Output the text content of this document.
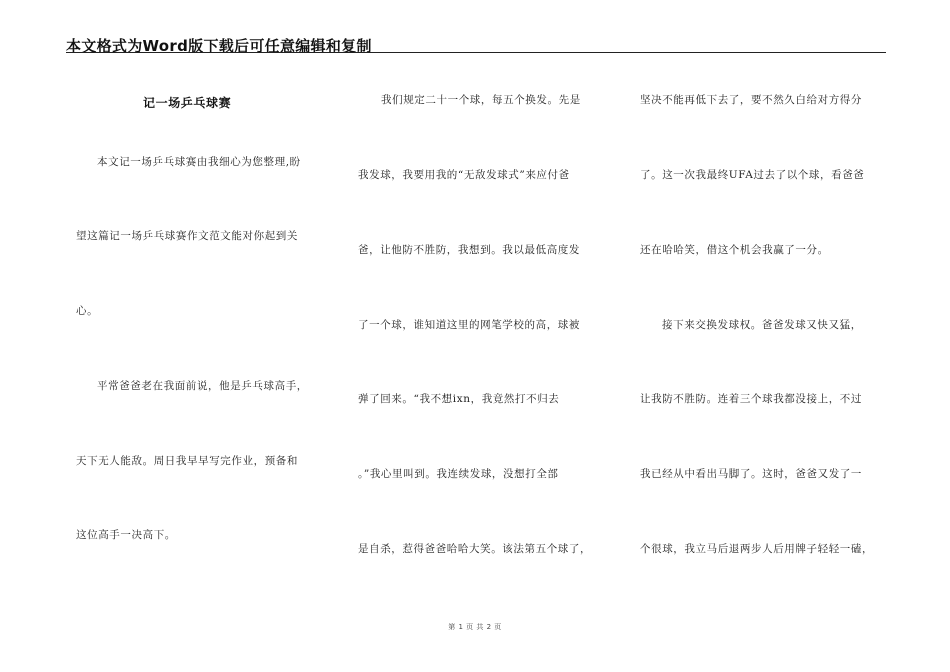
本文格式为Word版下载后可任意编辑和复制
记一场乒乓球赛
本文记一场乒乓球赛由我细心为您整理,盼
望这篇记一场乒乓球赛作文范文能对你起到关
心。
平常爸爸老在我面前说，他是乒乓球高手，
天下无人能敌。周日我早早写完作业，预备和
这位高手一决高下。
我们规定二十一个球，每五个换发。先是
我发球，我要用我的“无敌发球式”来应付爸
爸，让他防不胜防，我想到。我以最低高度发
了一个球，谁知道这里的网笔学校的高，球被
弹了回来。“我不想ixn，我竟然打不归去
。”我心里叫到。我连续发球，没想打全部
是自杀，惹得爸爸哈哈大笑。该法第五个球了，
坚决不能再低下去了，要不然久白给对方得分
了。这一次我最终UFA过去了以个球，看爸爸
还在哈哈笑，借这个机会我赢了一分。
接下来交换发球权。爸爸发球又快又猛，
让我防不胜防。连着三个球我都没接上，不过
我已经从中看出马脚了。这时，爸爸又发了一
个很球，我立马后退两步人后用牌子轻轻一磕，
第 1 页 共 2 页
